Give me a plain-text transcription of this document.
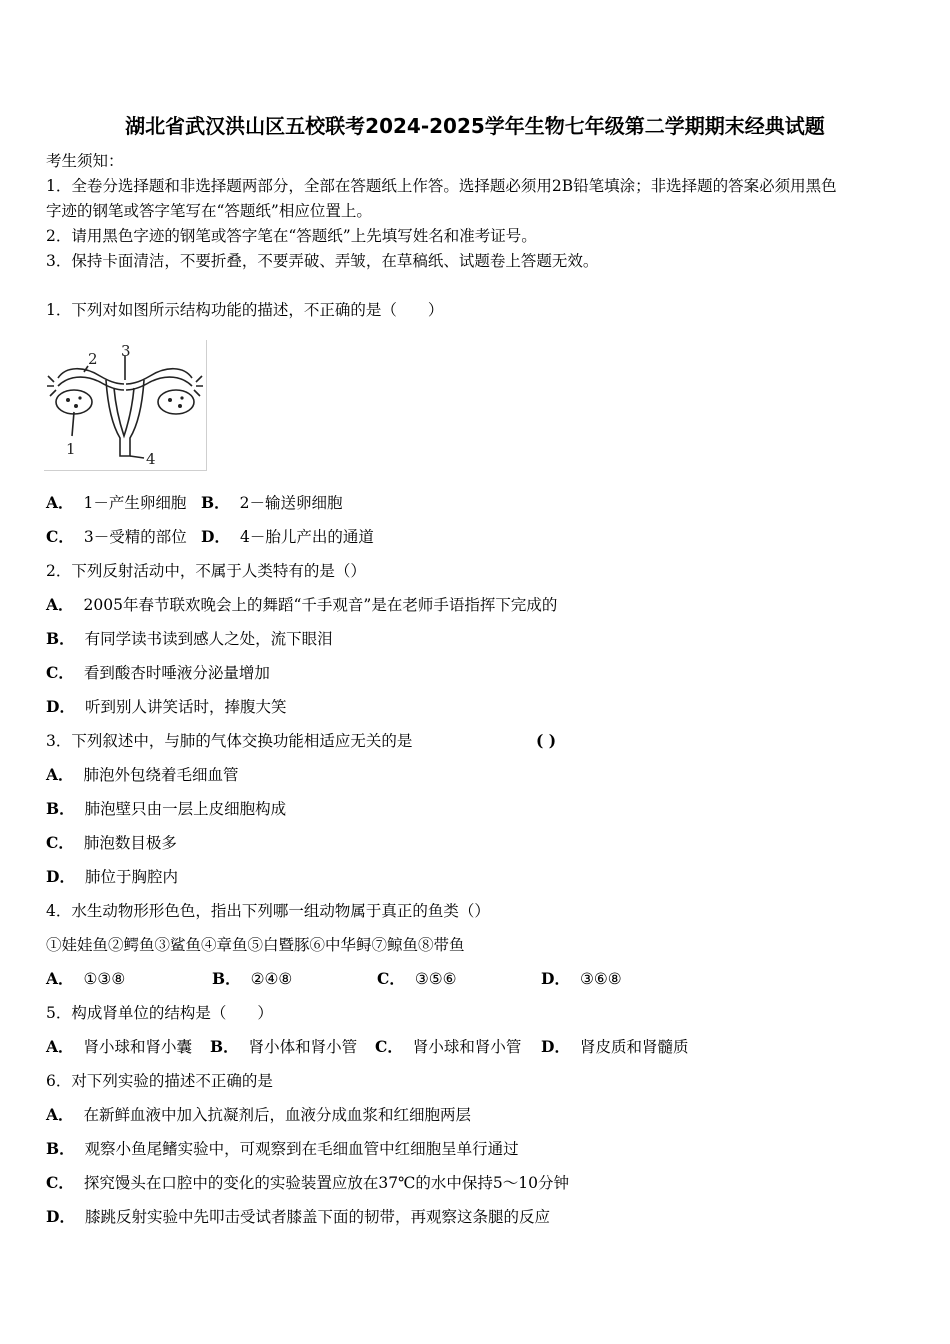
湖北省武汉洪山区五校联考2024-2025学年生物七年级第二学期期末经典试题
考生须知：
1．全卷分选择题和非选择题两部分，全部在答题纸上作答。选择题必须用2B铅笔填涂；非选择题的答案必须用黑色
字迹的钢笔或答字笔写在“答题纸”相应位置上。
2．请用黑色字迹的钢笔或答字笔在“答题纸”上先填写姓名和准考证号。
3．保持卡面清洁，不要折叠，不要弄破、弄皱，在草稿纸、试题卷上答题无效。
1．下列对如图所示结构功能的描述，不正确的是（　　）
1
2 3
4
A． 1－产生卵细胞 B． 2－输送卵细胞
C． 3－受精的部位 D． 4－胎儿产出的通道
2．下列反射活动中，不属于人类特有的是（）
A． 2005年春节联欢晚会上的舞蹈“千手观音”是在老师手语指挥下完成的
B． 有同学读书读到感人之处，流下眼泪
C． 看到酸杏时唾液分泌量增加
D． 听到别人讲笑话时，捧腹大笑
3．下列叙述中，与肺的气体交换功能相适应无关的是	( )
A． 肺泡外包绕着毛细血管
B． 肺泡壁只由一层上皮细胞构成
C． 肺泡数目极多
D． 肺位于胸腔内
4．水生动物形形色色，指出下列哪一组动物属于真正的鱼类（）
①娃娃鱼②鳄鱼③鲨鱼④章鱼⑤白暨豚⑥中华鲟⑦鲸鱼⑧带鱼
A． ①③⑧	B． ②④⑧	C． ③⑤⑥	D． ③⑥⑧
5．构成肾单位的结构是（　　）
A． 肾小球和肾小囊 B． 肾小体和肾小管 C． 肾小球和肾小管 D． 肾皮质和肾髓质
6．对下列实验的描述不正确的是
A． 在新鲜血液中加入抗凝剂后，血液分成血浆和红细胞两层
B． 观察小鱼尾鳍实验中，可观察到在毛细血管中红细胞呈单行通过
C． 探究馒头在口腔中的变化的实验装置应放在37℃的水中保持5～10分钟
D． 膝跳反射实验中先叩击受试者膝盖下面的韧带，再观察这条腿的反应
